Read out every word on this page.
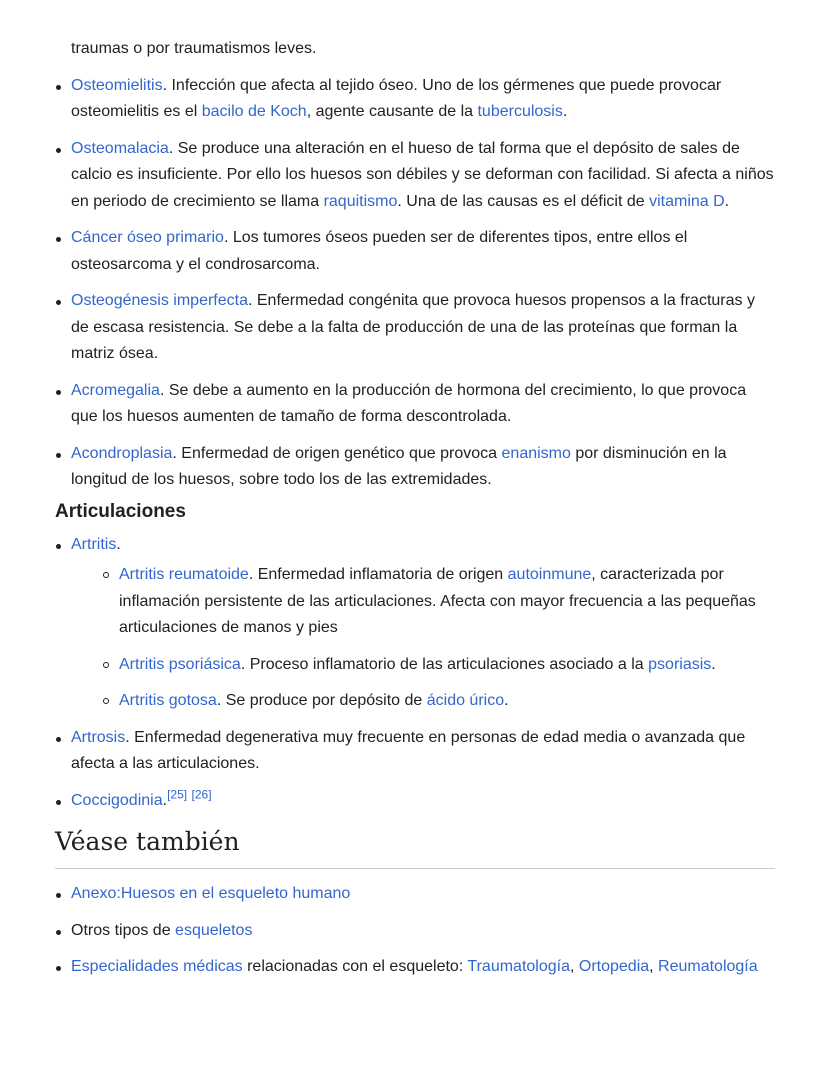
traumas o por traumatismos leves.

Osteomielitis. Infección que afecta al tejido óseo. Uno de los gérmenes que puede provocar osteomielitis es el bacilo de Koch, agente causante de la tuberculosis.
Osteomalacia. Se produce una alteración en el hueso de tal forma que el depósito de sales de calcio es insuficiente. Por ello los huesos son débiles y se deforman con facilidad. Si afecta a niños en periodo de crecimiento se llama raquitismo. Una de las causas es el déficit de vitamina D.
Cáncer óseo primario. Los tumores óseos pueden ser de diferentes tipos, entre ellos el osteosarcoma y el condrosarcoma.
Osteogénesis imperfecta. Enfermedad congénita que provoca huesos propensos a la fracturas y de escasa resistencia. Se debe a la falta de producción de una de las proteínas que forman la matriz ósea.
Acromegalia. Se debe a aumento en la producción de hormona del crecimiento, lo que provoca que los huesos aumenten de tamaño de forma descontrolada.
Acondroplasia. Enfermedad de origen genético que provoca enanismo por disminución en la longitud de los huesos, sobre todo los de las extremidades.
Articulaciones
Artritis.
Artritis reumatoide. Enfermedad inflamatoria de origen autoinmune, caracterizada por inflamación persistente de las articulaciones. Afecta con mayor frecuencia a las pequeñas articulaciones de manos y pies
Artritis psoriásica. Proceso inflamatorio de las articulaciones asociado a la psoriasis.
Artritis gotosa. Se produce por depósito de ácido úrico.
Artrosis. Enfermedad degenerativa muy frecuente en personas de edad media o avanzada que afecta a las articulaciones.
Coccigodinia.[25] [26]
Véase también
Anexo:Huesos en el esqueleto humano
Otros tipos de esqueletos
Especialidades médicas relacionadas con el esqueleto: Traumatología, Ortopedia, Reumatología
